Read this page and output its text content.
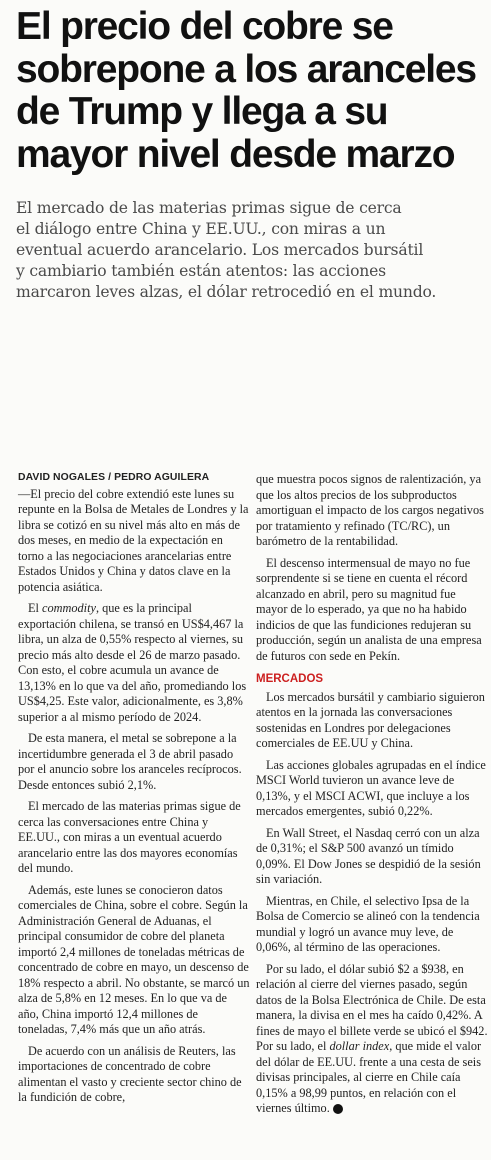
El precio del cobre se
sobrepone a los aranceles
de Trump y llega a su
mayor nivel desde marzo
El mercado de las materias primas sigue de cerca
el diálogo entre China y EE.UU., con miras a un
eventual acuerdo arancelario. Los mercados bursátil
y cambiario también están atentos: las acciones
marcaron leves alzas, el dólar retrocedió en el mundo.
DAVID NOGALES / PEDRO AGUILERA

—El precio del cobre extendió este lunes su repunte en la Bolsa de Metales de Londres y la libra se cotizó en su nivel más alto en más de dos meses, en medio de la expectación en torno a las negociaciones arancelarias entre Estados Unidos y China y datos clave en la potencia asiática.

El commodity, que es la principal exportación chilena, se transó en US$4,467 la libra, un alza de 0,55% respecto al viernes, su precio más alto desde el 26 de marzo pasado. Con esto, el cobre acumula un avance de 13,13% en lo que va del año, promediando los US$4,25. Este valor, adicionalmente, es 3,8% superior a al mismo período de 2024.

De esta manera, el metal se sobrepone a la incertidumbre generada el 3 de abril pasado por el anuncio sobre los aranceles recíprocos. Desde entonces subió 2,1%.

El mercado de las materias primas sigue de cerca las conversaciones entre China y EE.UU., con miras a un eventual acuerdo arancelario entre las dos mayores economías del mundo.

Además, este lunes se conocieron datos comerciales de China, sobre el cobre. Según la Administración General de Aduanas, el principal consumidor de cobre del planeta importó 2,4 millones de toneladas métricas de concentrado de cobre en mayo, un descenso de 18% respecto a abril. No obstante, se marcó un alza de 5,8% en 12 meses. En lo que va de año, China importó 12,4 millones de toneladas, 7,4% más que un año atrás.

De acuerdo con un análisis de Reuters, las importaciones de concentrado de cobre alimentan el vasto y creciente sector chino de la fundición de cobre,

que muestra pocos signos de ralentización, ya que los altos precios de los subproductos amortiguan el impacto de los cargos negativos por tratamiento y refinado (TC/RC), un barómetro de la rentabilidad.

El descenso intermensual de mayo no fue sorprendente si se tiene en cuenta el récord alcanzado en abril, pero su magnitud fue mayor de lo esperado, ya que no ha habido indicios de que las fundiciones redujeran su producción, según un analista de una empresa de futuros con sede en Pekín.

MERCADOS

Los mercados bursátil y cambiario siguieron atentos en la jornada las conversaciones sostenidas en Londres por delegaciones comerciales de EE.UU y China.

Las acciones globales agrupadas en el índice MSCI World tuvieron un avance leve de 0,13%, y el MSCI ACWI, que incluye a los mercados emergentes, subió 0,22%.

En Wall Street, el Nasdaq cerró con un alza de 0,31%; el S&P 500 avanzó un tímido 0,09%. El Dow Jones se despidió de la sesión sin variación.

Mientras, en Chile, el selectivo Ipsa de la Bolsa de Comercio se alineó con la tendencia mundial y logró un avance muy leve, de 0,06%, al término de las operaciones.

Por su lado, el dólar subió $2 a $938, en relación al cierre del viernes pasado, según datos de la Bolsa Electrónica de Chile. De esta manera, la divisa en el mes ha caído 0,42%. A fines de mayo el billete verde se ubicó el $942. Por su lado, el dollar index, que mide el valor del dólar de EE.UU. frente a una cesta de seis divisas principales, al cierre en Chile caía 0,15% a 98,99 puntos, en relación con el viernes último. P
